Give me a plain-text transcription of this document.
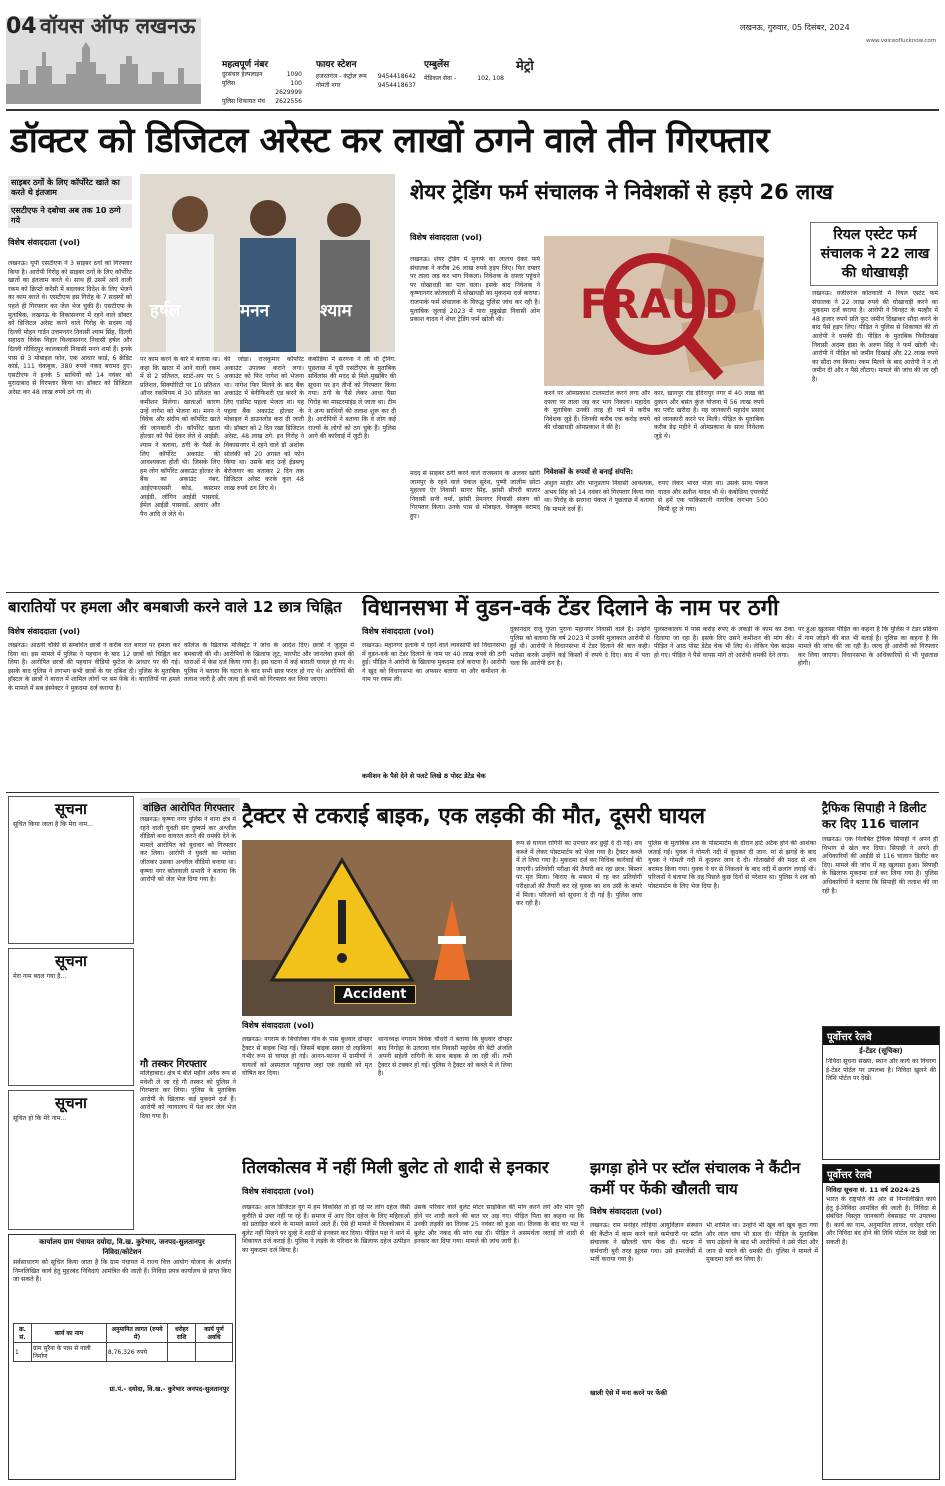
04 वॉयस ऑफ लखनऊ
महत्वपूर्ण नंबर
दूरसंचार हेल्पलाइन	1090
पुलिस	100
2629999
पुलिस शिकायत मंच 2622556
फायर स्टेशन
हजरतगंज - कंट्रोल रूम 9454418642
गोमती नगर	9454418637
एम्बुलेंस
मेडिकल सेवा -	102, 108
मेट्रो
लखनऊ, गुरुवार, 05 दिसंबर, 2024
www.voiceoflucknow.com
डॉक्टर को डिजिटल अरेस्ट कर लाखों ठगने वाले तीन गिरफ्तार
साइबर ठगों के लिए कॉर्पोरेट खाते का करते थे इंतजाम
एसटीएफ ने दबोचा अब तक 10 ठग्गे गये
विशेष संवाददाता (vol)
लखनऊ। यूपी एसटीएफ ने 3 साइबर ठगों को गिरफ्तार किया है। आरोपी गिरोह को साइबर ठगों के लिए कॉर्पोरेट खातों का इंतजाम करते थे। साथ ही उसमें आने वाली रकम को क्रिप्टो करेंसी में बदलकर विदेश के लिए भेजने का काम करते थे। एसटीएफ इस गिरोह के 7 सदस्यों को पहले ही गिरफ्तार कर जेल भेज चुकी है। एसटीएफ के मुताबिक, लखनऊ के विकासनगर में रहने वाले डॉक्टर को डिजिटल अरेस्ट करने वाले गिरोह के सदस्य नई दिल्ली मोहन गार्डन उत्तमनगर निवासी श्याम सिंह, दिल्ली सहादरा विवेक विहार विश्वासनगर निवासी हर्षल और दिल्ली गोविंदपुर कालकाजी निवासी मनन शर्मा हैं। इनके पास से 3 मोबाइल फोन, एक आधार कार्ड, 6 क्रेडिट कार्ड, 111 चेकबुक, 380 रुपये नकद बरामद हुए। एसटीएफ ने इनके 5 साथियों को 14 नवंबर को मुरादाबाद से गिरफ्तार किया था। डॉक्टर को डिजिटल अरेस्ट कर 48 लाख रुपये ठगे गए थे।
हर्षल	मनन	श्याम
पर काम करने के बारे में बताया था। कहा कि खाता में आने वाली रकम में से 2 प्रतिशत, स्टार्ट-अप पर 5 प्रतिशत, सिक्योरिटी पर 10 प्रतिशत ऑनर रकमियम में 30 प्रतिशत का कमीशन मिलेगा। खाताओं कारण उन्हें नागेश को भेजना था। मनन ने विवेक और संदीप को कॉर्पोरेट खाते की जानकारी दी। कॉर्पोरेट खाता होल्डर को पैसे देकर लेते थे आईडी: श्याम ने बताया, ठगी के पैसों के लिए कॉर्पोरेट अकाउंट की आवश्यकता होती थी। जिसके लिए हम लोग कॉर्पोरेट अकाउंट होल्डर के बैंक का अकाउंट नंबर, आईएफएससी कोड, कस्टमर आईडी, लॉगिन आईडी पासवर्ड, ईमेल आईडी पासवर्ड, आधार और पैन आदि ले लेते थे।
की जोड़ा। राजकुमार कॉर्पोरेट अकाउंट उपलब्ध कराने लगा। अकाउंट को फिर नागेश को भेजना था। नागेश फिर मिलने के बाद बैंक अकाउंट में बेनीफिशरी एड करने के लिए एडमिट पहला भेजता था। यह पहला बैंक अकाउंट होल्डर के मोबाइल में डाउनलोड करा दी जाती थी। डॉक्टर को 2 दिन रखा डिजिटल अरेस्ट, 48 लाख ठगे: इन गिरोह ने विकासनगर में रहने वाले डॉ अशोक सोलंकी को 20 अगस्त को फोन किया था। उसके बाद उन्हें ईडब्ल्यू बेरोजगार का बताकर 2 दिन तक डिजिटल अरेस्ट करके कुल 48 लाख रुपये ठग लिए थे।
कंबोडिया में सरगना ने ली थी ट्रेनिंग: पूछताछ में यूपी एसटीएफ के मुताबिक सर्विलांस की मदद से मिले मुखबिर की सूचना पर इन तीनों को गिरफ्तार किया गया। ठगी के पैसे लेकर आधा पैसा गिरोह का मास्टरमाइंड ले जाता था। टीम ने अन्य साथियों की तलाश शुरू कर दी है। आरोपियों ने बताया कि वे लोग कई राज्यों के लोगों को ठग चुके हैं। पुलिस आगे की कार्रवाई में जुटी है।
शेयर ट्रेडिंग फर्म संचालक ने निवेशकों से हड़पे 26 लाख
विशेष संवाददाता (vol)
लखनऊ। शेयर ट्रेडिंग में मुनाफे का लालच देकर फर्म संचालक ने करीब 26 लाख रुपये हड़प लिए। फिर दफ्तर पर ताला जड़ कर भाग निकला। निवेशक के दफ्तर पहुंचने पर धोखाधड़ी का पता चला। इसके बाद निवेशक ने कृष्णानगर कोतवाली में धोखाधड़ी का मुकदमा दर्ज कराया। राजपार्क फर्म संचालक के विरुद्ध पुलिस जांच कर रही है। मुताबिक जुलाई 2023 में पारा मुन्नूखेड़ा निवासी ओम प्रकाश यादव ने शेयर ट्रेडिंग फर्म खोली थी।	FRAUD
करने पर ओमप्रकाश टालमटोल करने लगा और दफ्तर पर ताला जड़ कर भाग निकला। महादेव के मुताबिक उनकी तरह ही फर्म में करीब निवेशक जुड़े हैं। जिनकी करीब एक करोड़ रुपये की धोखाधड़ी ओमप्रकाश ने की है।
कार, खानपुर रोड इंदिरापुर नगर में 40 लाख की दुकान और बसंत कुंज योजना में 56 लाख रुपये का प्लॉट खरीदा है। यह जानकारी महादेव प्रसाद को जानकारी करने पर मिली। पीड़ित के मुताबिक करीब डेढ़ महीने में ओमप्रकाश के साथ निवेशक जुड़े थे।
निवेशकों के रुपयों से बनाई संपत्ति:
मदद से साइबर ठगी करने वाले राजस्थान के अलवर खोरी जामपुर के रहने वाले पंकज सुरेश, पुष्पी जालीम छोटा मुहल्ला ऐर निवासी सागर सिंह, झांसी सीपरी बाजार निवासी सनी वर्मा, झांसी प्रेमनगर निवासी संजय को गिरफ्तार किया। उनके पास से मोबाइल, चेकबुक बरामद हुए।
अंशुल माहौर और भानुप्रताप निवासी आवश्यक, अभय सिंह को 14 नवंबर को गिरफ्तार किया गया था। गिरोह के सरगना पंकज ने पूछताछ में बताया कि मामले दर्ज हैं।
रुपए लेकर भारत भेजा था। उसके साथ पंकज यादव और सतीश यादव भी थे। कंबोडिया एयरपोर्ट से हमें एक पाकिस्तानी नागरिक लगभग 500 किमी दूर ले गया।
रियल एस्टेट फर्म संचालक ने 22 लाख की धोखाधड़ी
लखनऊ। वजीरगंज कोतवाली में रियल एस्टेट फर्म संचालक ने 22 लाख रुपये की धोखाधड़ी करने का मुकदमा दर्ज कराया है। आरोपी ने चिनहट के मल्हौर में 48 हजार रुपये प्रति फुट जमीन दिखाकर सौदा करने के बाद पैसे हड़प लिए। पीड़ित ने पुलिस से शिकायत की तो आरोपी ने धमकी दी। पीड़ित के मुताबिक विनीतखंड निवासी अदम्य इंफ्रा के अरुण सिंह ने फर्म खोली थी। आरोपी ने पीड़ित को जमीन दिखाई और 22 लाख रुपये का सौदा तय किया। रकम मिलने के बाद आरोपी ने न तो जमीन दी और न पैसे लौटाए। मामले की जांच की जा रही है।
बारातियों पर हमला और बमबाजी करने वाले 12 छात्र चिह्नित
विशेष संवाददाता (vol)
लखनऊ। आठवीं चौकी से सम्बधित छात्रों ने करीब रात बारात पर हमला कर दिया था। इस मामले में पुलिस ने पहचान के बाद 12 छात्रों को चिह्नित कर लिया है। आरोपित छात्रों की पहचान वीडियो फुटेज के आधार पर की गई। इसके बाद पुलिस ने लगभग सभी छात्रों के घर दबिश दी। पुलिस के मुताबिक हॉस्टल के छात्रों ने बारात में शामिल लोगों पर बम फेंके थे। बारातियों पर हमले के मामले में सब इंस्पेक्टर ने मुकदमा दर्ज कराया है।
कॉलेज के खिलाफ मजिस्ट्रेट ने जांच के आदेश दिए। छात्रों ने जुलूस में बमबाजी की थी। आरोपियों के खिलाफ लूट, मारपीट और जानलेवा हमले की धाराओं में केस दर्ज किया गया है। इस घटना में कई बाराती घायल हो गए थे। पुलिस ने बताया कि घटना के बाद सभी छात्र फरार हो गए थे। आरोपियों की तलाश जारी है और जल्द ही सभी को गिरफ्तार कर लिया जाएगा।
विधानसभा में वुडन-वर्क टेंडर दिलाने के नाम पर ठगी
विशेष संवाददाता (vol)
लखनऊ। महानगर इलाके में रहने वाले व्यवसायी को विधानसभा में वुडन-वर्क का टेंडर दिलाने के नाम पर 40 लाख रुपये की ठगी हुई। पीड़ित ने आरोपी के खिलाफ मुकदमा दर्ज कराया है। आरोपी ने खुद को विधानसभा का अफसर बताया था और कमीशन के नाम पर रकम ली।
कमीशन के पैसे देने से पलटे लिखे 8 पोस्ट डेटेड चेक
दुकानदार राजू गुप्ता पुराना महानगर निवासी वाले हैं। उन्होंने पुलिस को बताया कि वर्ष 2023 में उनकी मुलाकात आरोपी से हुई थी। आरोपी ने विधानसभा में टेंडर दिलाने की बात कही। भरोसा करके उन्होंने कई किस्तों में रुपये दे दिए। बाद में पता चला कि आरोपी ठग है।
पुलस्तकालय में पास करोड़ रुपए के लकड़ी के काम का ठेका दिलाया जा रहा है। इसके लिए उसने कमीशन की मांग की। पीड़ित ने आठ पोस्ट डेटेड चेक भी लिए थे। लेकिन चेक बाउंस हो गए। पीड़ित ने पैसे वापस मांगे तो आरोपी धमकी देने लगा।
पर हुआ खुलासा पीड़ित का कहना है कि पुलिस ने टेंडर प्रक्रिया में नाम जोड़ने की बात भी बताई है। पुलिस का कहना है कि मामले की जांच की जा रही है। जल्द ही आरोपी को गिरफ्तार कर लिया जाएगा। विधानसभा के अधिकारियों से भी पूछताछ होगी।
सूचना
सूचित किया जाता है कि मेरा नाम...
सूचना
मेरा नाम बदल गया है...
सूचना
सूचित हो कि मेरे नाम...
वांछित आरोपित गिरफ्तार
लखनऊ। कृष्णा नगर पुलिस ने थाना क्षेत्र में रहने वाली युवती संग दुष्कर्म कर अश्लील वीडियो बना वायरल करने की धमकी देने के मामले आरोपित को बुधवार को गिरफ्तार कर लिया। आरोपी ने युवती का भरोसा जीतकर उसका अश्लील वीडियो बनाया था। कृष्णा नगर कोतवाली प्रभारी ने बताया कि आरोपी को जेल भेज दिया गया है।
गौ तस्कर गिरफ्तार
मलिहाबाद। क्षेत्र में बीते महीने अवैध रूप से मवेशी ले जा रहे गौ तस्कर को पुलिस ने गिरफ्तार कर लिया। पुलिस के मुताबिक आरोपी के खिलाफ कई मुकदमे दर्ज हैं। आरोपी को न्यायालय में पेश कर जेल भेज दिया गया है।
ट्रैक्टर से टकराई बाइक, एक लड़की की मौत, दूसरी घायल
Accident
विशेष संवाददाता (vol)
लखनऊ। नगराम के बिचलिका गांव के पास बुधवार दोपहर ट्रैक्टर से बाइक भिड़ गई। जिसमें बाइक सवार दो लड़कियां गंभीर रूप से घायल हो गईं। आनन-फानन में ग्रामीणों ने घायलों को अस्पताल पहुंचाया जहां एक लड़की को मृत घोषित कर दिया।
थानाध्यक्ष नगराम विवेक चौधरी ने बताया कि बुधवार दोपहर बाद निगोहा के उतरावा गांव निवासी महादेव की बेटी अंजलि अपनी सहेली रागिनी के साथ बाइक से जा रही थीं। तभी ट्रैक्टर से टक्कर हो गई। पुलिस ने ट्रैक्टर को कब्जे में ले लिया है।
रूप से घायल रागिनी का उपचार कर छुट्टी दे दी गई। शव कब्जे में लेकर पोस्टमार्टम को भेजा गया है। ट्रैक्टर कब्जे में ले लिया गया है। मुकदमा दर्ज कर विधिक कार्रवाई की जाएगी। प्रतियोगी परीक्षा की तैयारी कर रहा छात्र: बिस्तर पर मृत मिला। किराए के मकान में रह कर प्रतियोगी परीक्षाओं की तैयारी कर रहे युवक का शव उसी के कमरे में मिला। परिजनों को सूचना दे दी गई है। पुलिस जांच कर रही है।
पुलिस के मुताबिक शव के पोस्टमार्टम के दौरान हार्ट अटैक होने की आशंका जताई गई। युवक ने गोमती नदी में कूदकर दी जान: मां से झगड़े के बाद युवक ने गोमती नदी में कूदकर जान दे दी। गोताखोरों की मदद से शव बरामद किया गया। युवक ने घर से निकलने के बाद नदी में छलांग लगाई थी। परिजनों ने बताया कि वह पिछले कुछ दिनों से परेशान था। पुलिस ने शव को पोस्टमार्टम के लिए भेज दिया है।
ट्रैफिक सिपाही ने डिलीट कर दिए 116 चालान
लखनऊ। एक निलंबित ट्रैफिक सिपाही ने अपने ही विभाग से खेल कर दिया। सिपाही ने अपने ही अधिकारियों की आईडी से 116 चालान डिलीट कर दिए। मामले की जांच में यह खुलासा हुआ। सिपाही के खिलाफ मुकदमा दर्ज कर लिया गया है। पुलिस अधिकारियों ने बताया कि सिपाही की तलाश की जा रही है।
पूर्वोत्तर रेलवे
ई-टेंडर (सूचिका)
निविदा सूचना संख्या, स्थान और कार्य का विवरण ई-टेंडर पोर्टल पर उपलब्ध है। निविदा खुलने की तिथि पोर्टल पर देखें।
तिलकोत्सव में नहीं मिली बुलेट तो शादी से इनकार
विशेष संवाददाता (vol)
लखनऊ। आज डिजिटल युग में हम विकसित तो हो रहे पर लोग दहेज जैसी कुरीति से उबर नहीं पा रहे हैं। समाज में आए दिन दहेज के लिए महिलाओं को प्रताड़ित करने के मामले सामने आते हैं। ऐसे ही मामले में तिलकोत्सव में बुलेट नहीं मिलने पर दूल्हे ने शादी से इनकार कर दिया। पीड़ित पक्ष ने थाने में शिकायत दर्ज कराई है। पुलिस ने लड़के के परिवार के खिलाफ दहेज उत्पीड़न का मुकदमा दर्ज किया है।
उसके परिवार वाले बुलेट मोटर साइकिल की मांग करने लगे और मांग पूरी होने पर शादी करने की बात पर अड़ गए। पीड़ित पिता का कहना था कि उनकी लड़की का तिलक 25 नवंबर को हुआ था। तिलक के बाद वर पक्ष ने बुलेट और नकद की मांग रख दी। पीड़ित ने असमर्थता जताई तो शादी से इनकार कर दिया गया। मामले की जांच जारी है।
झगड़ा होने पर स्टॉल संचालक ने कैंटीन कर्मी पर फेंकी खौलती चाय
विशेष संवाददाता (vol)
लखनऊ। राम मनोहर लोहिया आयुर्विज्ञान संस्थान की कैंटीन में काम करने वाले कर्मचारी पर स्टॉल संचालक ने खौलती चाय फेंक दी। घटना में कर्मचारी बुरी तरह झुलस गया। उसे इमरजेंसी में भर्ती कराया गया है।
खाली ऐसे में मना करने पर फेंकी
भी शामिल था। उन्होंने भी खूब को खूब कूटा गया और लाल चाय भी डाल दी। पीड़ित के मुताबिक चाय उड़ेलने के बाद भी आरोपियों ने उसे पीटा और जान से मारने की धमकी दी। पुलिस ने मामले में मुकदमा दर्ज कर लिया है।
पूर्वोत्तर रेलवे
निविदा सूचना सं. 11 वर्ष 2024-25
भारत के राष्ट्रपति की ओर से निम्नलिखित कार्य हेतु ई-निविदा आमंत्रित की जाती है। निविदा से संबंधित विस्तृत जानकारी वेबसाइट पर उपलब्ध है। कार्य का नाम, अनुमानित लागत, धरोहर राशि और निविदा बंद होने की तिथि पोर्टल पर देखी जा सकती है।
कार्यालय ग्राम पंचायत दयोदा, वि.ख. कुरेभार, जनपद-सुलतानपुर
निविदा/कोटेशन
सर्वसाधारण को सूचित किया जाता है कि ग्राम पंचायत में राज्य वित्त आयोग योजना के अंतर्गत निम्नलिखित कार्य हेतु मुहरबंद निविदाएं आमंत्रित की जाती हैं। निविदा प्रपत्र कार्यालय से प्राप्त किए जा सकते हैं।
क्र. सं.	कार्य का नाम	अनुमानित लागत (रुपये में)	धरोहर राशि	कार्य पूर्ण अवधि
1	ग्राम सुरैना के पास से नाली निर्माण	8,76,326 रुपये		
ग्रा.पं.- दयोदा, वि.ख.- कुरेभार जनपद-सुलतानपुर
